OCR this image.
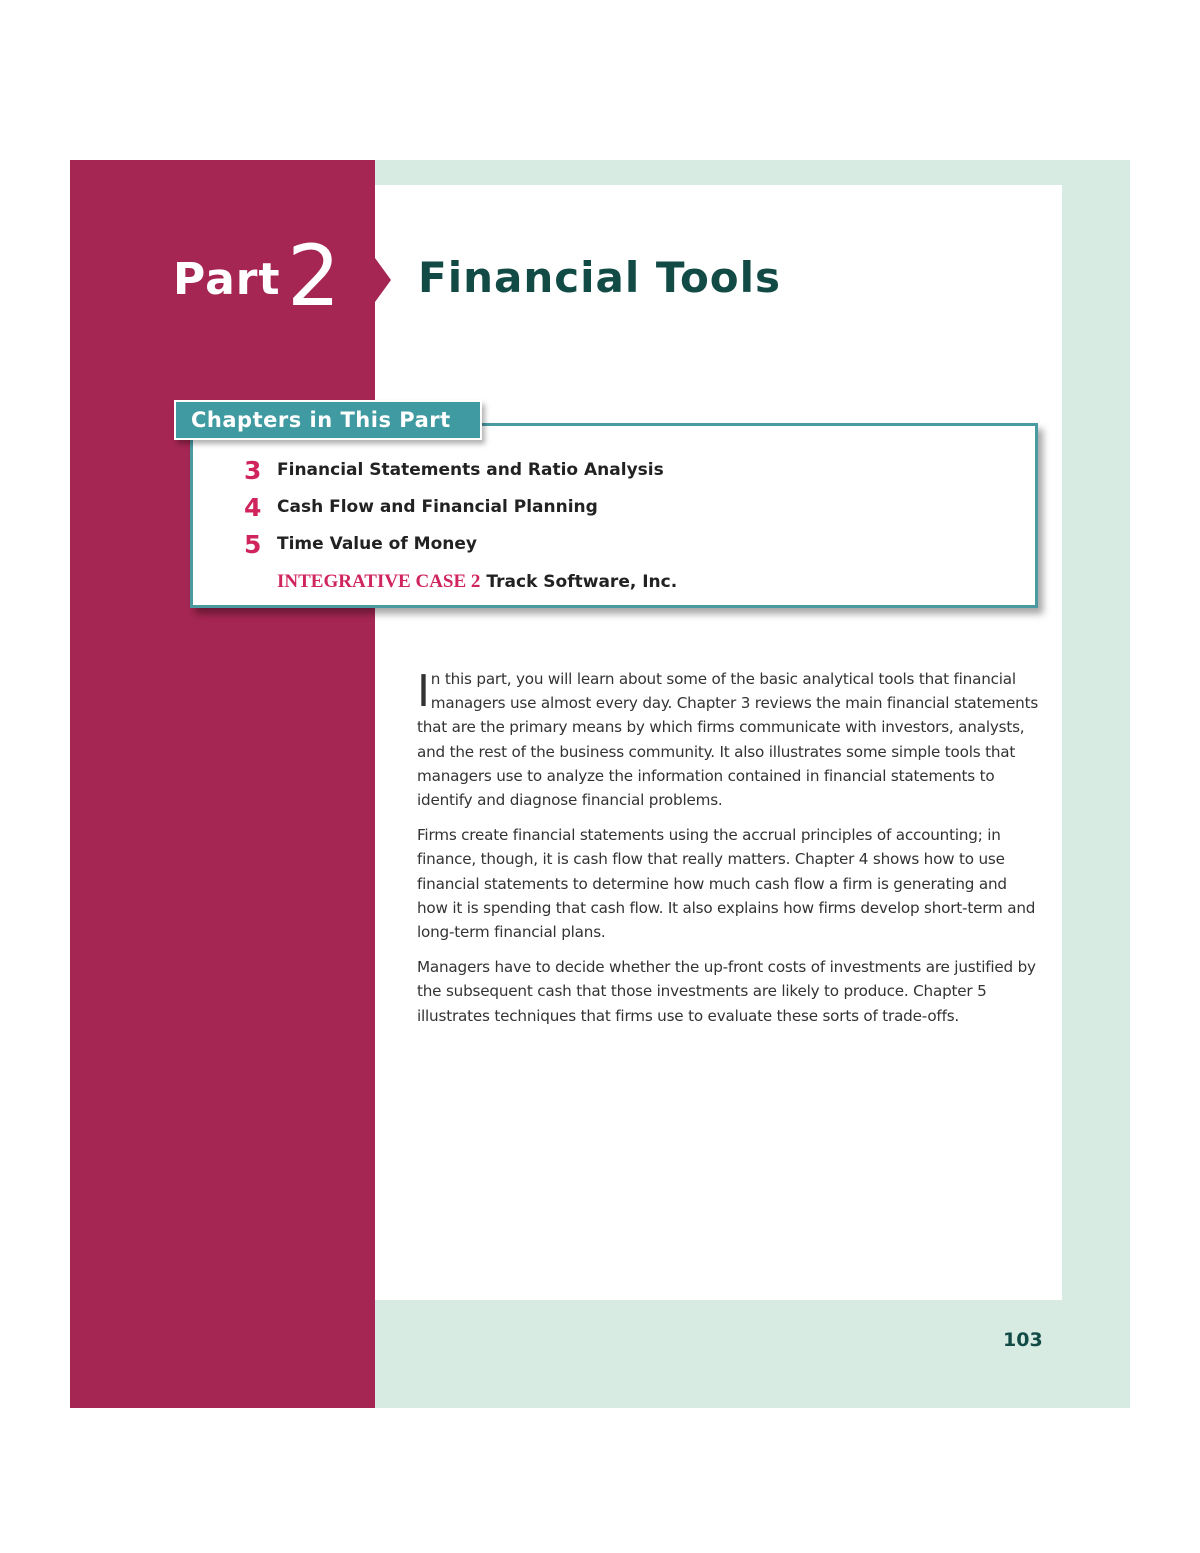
Part 2 Financial Tools
Chapters in This Part
3 Financial Statements and Ratio Analysis
4 Cash Flow and Financial Planning
5 Time Value of Money
INTEGRATIVE CASE 2 Track Software, Inc.

In this part, you will learn about some of the basic analytical tools that financial managers use almost every day. Chapter 3 reviews the main financial statements that are the primary means by which firms communicate with investors, analysts, and the rest of the business community. It also illustrates some simple tools that managers use to analyze the information contained in financial statements to identify and diagnose financial problems.

Firms create financial statements using the accrual principles of accounting; in finance, though, it is cash flow that really matters. Chapter 4 shows how to use financial statements to determine how much cash flow a firm is generating and how it is spending that cash flow. It also explains how firms develop short-term and long-term financial plans.

Managers have to decide whether the up-front costs of investments are justified by the subsequent cash that those investments are likely to produce. Chapter 5 illustrates techniques that firms use to evaluate these sorts of trade-offs.

103
